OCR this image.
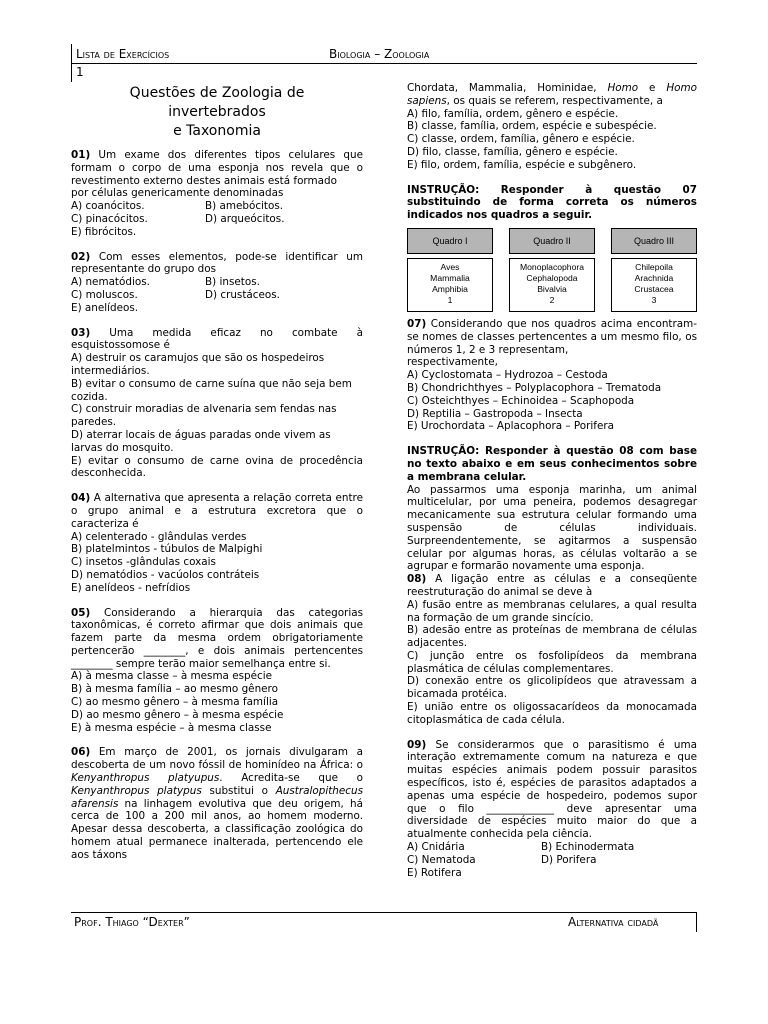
Lista de Exercícios
1
Biologia – Zoologia
Questões de Zoologia de
invertebrados
e Taxonomia
01) Um exame dos diferentes tipos celulares que formam o corpo de uma esponja nos revela que o revestimento externo destes animais está formado
por células genericamente denominadas
A) coanócitos.	B) amebócitos.
C) pinacócitos.	D) arqueócitos.
E) fibrócitos.
02) Com esses elementos, pode-se identificar um representante do grupo dos
A) nematódios.	B) insetos.
C) moluscos.	D) crustáceos.
E) anelídeos.
03) Uma medida eficaz no combate à
esquistossomose é
A) destruir os caramujos que são os hospedeiros intermediários.
B) evitar o consumo de carne suína que não seja bem cozida.
C) construir moradias de alvenaria sem fendas nas paredes.
D) aterrar locais de águas paradas onde vivem as larvas do mosquito.
E) evitar o consumo de carne ovina de procedência desconhecida.
04) A alternativa que apresenta a relação correta entre o grupo animal e a estrutura excretora que o caracteriza é
A) celenterado - glândulas verdes
B) platelmintos - túbulos de Malpighi
C) insetos -glândulas coxais
D) nematódios - vacúolos contráteis
E) anelídeos - nefrídios
05) Considerando a hierarquia das categorias taxonômicas, é correto afirmar que dois animais que fazem parte da mesma ordem obrigatoriamente pertencerão ________, e dois animais pertencentes ________ sempre terão maior semelhança entre si.
A) à mesma classe – à mesma espécie
B) à mesma família – ao mesmo gênero
C) ao mesmo gênero – à mesma família
D) ao mesmo gênero – à mesma espécie
E) à mesma espécie – à mesma classe
06) Em março de 2001, os jornais divulgaram a descoberta de um novo fóssil de hominídeo na África: o Kenyanthropus platyupus. Acredita-se que o Kenyanthropus platypus substitui o Australopithecus afarensis na linhagem evolutiva que deu origem, há cerca de 100 a 200 mil anos, ao homem moderno. Apesar dessa descoberta, a classificação zoológica do homem atual permanece inalterada, pertencendo ele aos táxons
Chordata, Mammalia, Hominidae, Homo e Homo sapiens, os quais se referem, respectivamente, a
A) filo, família, ordem, gênero e espécie.
B) classe, família, ordem, espécie e subespécie.
C) classe, ordem, família, gênero e espécie.
D) filo, classe, família, gênero e espécie.
E) filo, ordem, família, espécie e subgênero.
INSTRUÇÃO: Responder à questão 07 substituindo de forma correta os números indicados nos quadros a seguir.
Quadro I
Aves
Mammalia
Amphibia
1
Quadro II
Monoplacophora
Cephalopoda
Bivalvia
2
Quadro III
Chilepoila
Arachnida
Crustacea
3
07) Considerando que nos quadros acima encontram-se nomes de classes pertencentes a um mesmo filo, os números 1, 2 e 3 representam,
respectivamente,
A) Cyclostomata – Hydrozoa – Cestoda
B) Chondrichthyes – Polyplacophora – Trematoda
C) Osteichthyes – Echinoidea – Scaphopoda
D) Reptilia – Gastropoda – Insecta
E) Urochordata – Aplacophora – Porifera
INSTRUÇÃO: Responder à questão 08 com base no texto abaixo e em seus conhecimentos sobre a membrana celular.
Ao passarmos uma esponja marinha, um animal multicelular, por uma peneira, podemos desagregar mecanicamente sua estrutura celular formando uma suspensão de células individuais. Surpreendentemente, se agitarmos a suspensão celular por algumas horas, as células voltarão a se agrupar e formarão novamente uma esponja.
08) A ligação entre as células e a conseqüente reestruturação do animal se deve à
A) fusão entre as membranas celulares, a qual resulta na formação de um grande sincício.
B) adesão entre as proteínas de membrana de células adjacentes.
C) junção entre os fosfolipídeos da membrana plasmática de células complementares.
D) conexão entre os glicolipídeos que atravessam a bicamada protéica.
E) união entre os oligossacarídeos da monocamada citoplasmática de cada célula.
09) Se considerarmos que o parasitismo é uma interação extremamente comum na natureza e que muitas espécies animais podem possuir parasitos específicos, isto é, espécies de parasitos adaptados a apenas uma espécie de hospedeiro, podemos supor que o filo _____________ deve apresentar uma diversidade de espécies muito maior do que a atualmente conhecida pela ciência.
A) Cnidária	B) Echinodermata
C) Nematoda	D) Porifera
E) Rotifera
Prof. Thiago “Dexter”	Alternativa cidadã
